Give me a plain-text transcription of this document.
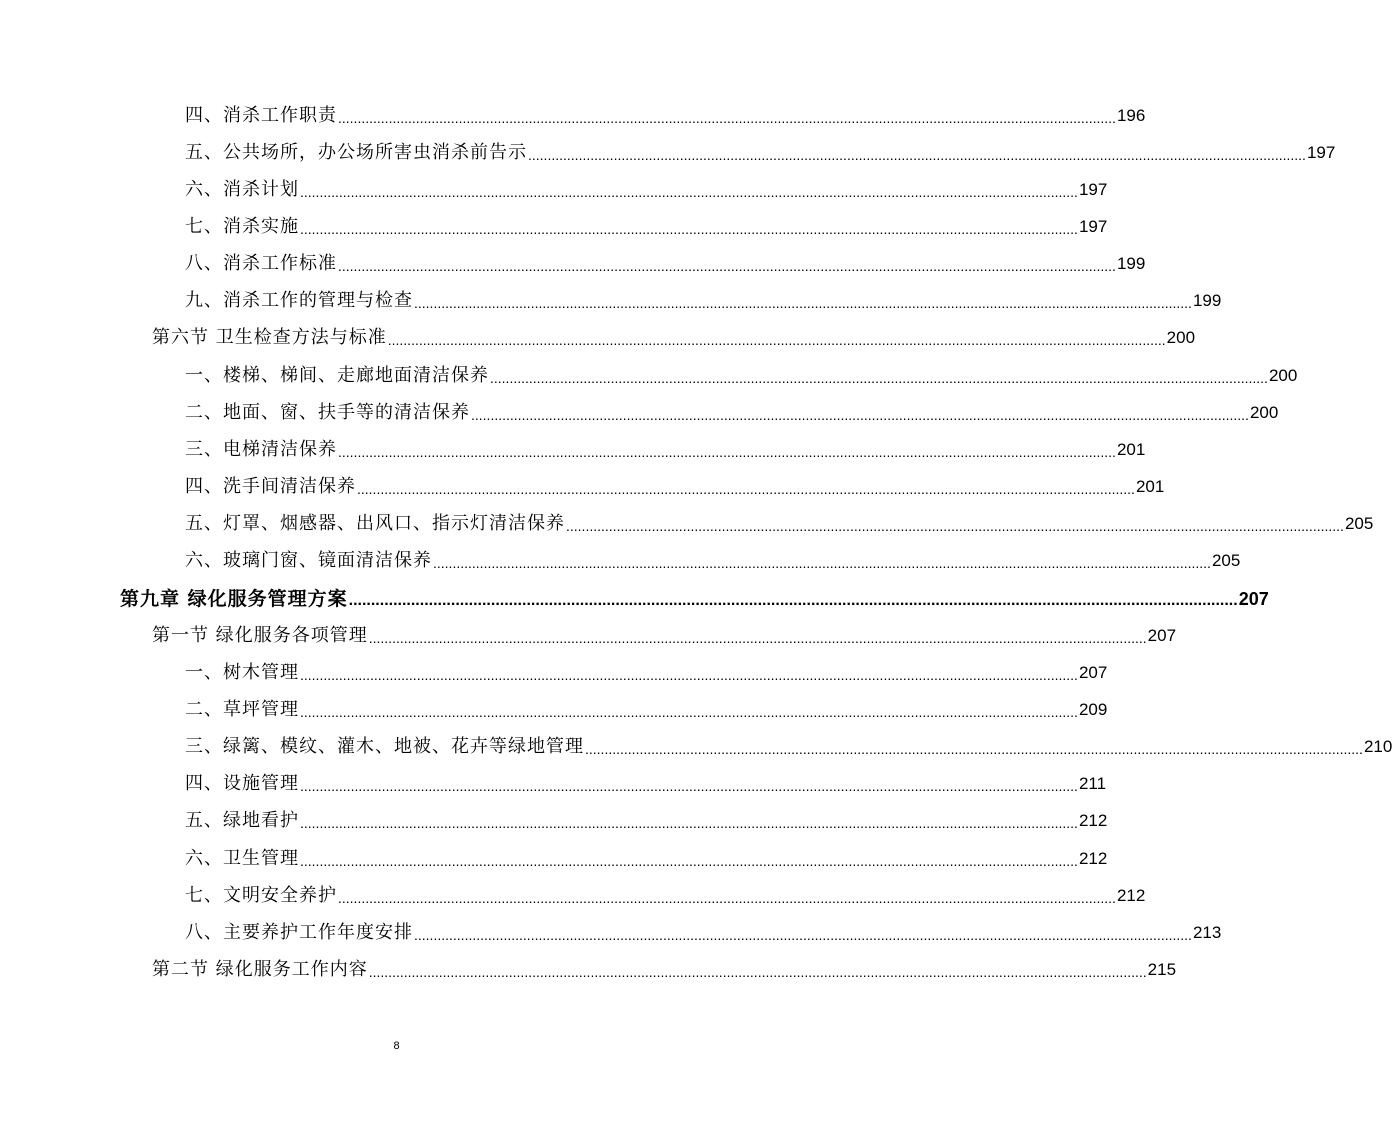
四、消杀工作职责 ........................................................................................................................................................................................................ 196
五、公共场所，办公场所害虫消杀前告示 ........................................................................................................................................................................................................ 197
六、消杀计划 ........................................................................................................................................................................................................ 197
七、消杀实施 ........................................................................................................................................................................................................ 197
八、消杀工作标准 ........................................................................................................................................................................................................ 199
九、消杀工作的管理与检查 ........................................................................................................................................................................................................ 199
第六节 卫生检查方法与标准 ........................................................................................................................................................................................................ 200
一、楼梯、梯间、走廊地面清洁保养 ........................................................................................................................................................................................................ 200
二、地面、窗、扶手等的清洁保养 ........................................................................................................................................................................................................ 200
三、电梯清洁保养 ........................................................................................................................................................................................................ 201
四、洗手间清洁保养 ........................................................................................................................................................................................................ 201
五、灯罩、烟感器、出风口、指示灯清洁保养 ........................................................................................................................................................................................................ 205
六、玻璃门窗、镜面清洁保养 ........................................................................................................................................................................................................ 205
第九章 绿化服务管理方案 ........................................................................................................................................................................................................ 207
第一节 绿化服务各项管理 ........................................................................................................................................................................................................ 207
一、树木管理 ........................................................................................................................................................................................................ 207
二、草坪管理 ........................................................................................................................................................................................................ 209
三、绿篱、模纹、灌木、地被、花卉等绿地管理 ........................................................................................................................................................................................................ 210
四、设施管理 ........................................................................................................................................................................................................ 211
五、绿地看护 ........................................................................................................................................................................................................ 212
六、卫生管理 ........................................................................................................................................................................................................ 212
七、文明安全养护 ........................................................................................................................................................................................................ 212
八、主要养护工作年度安排 ........................................................................................................................................................................................................ 213
第二节 绿化服务工作内容 ........................................................................................................................................................................................................ 215
8
